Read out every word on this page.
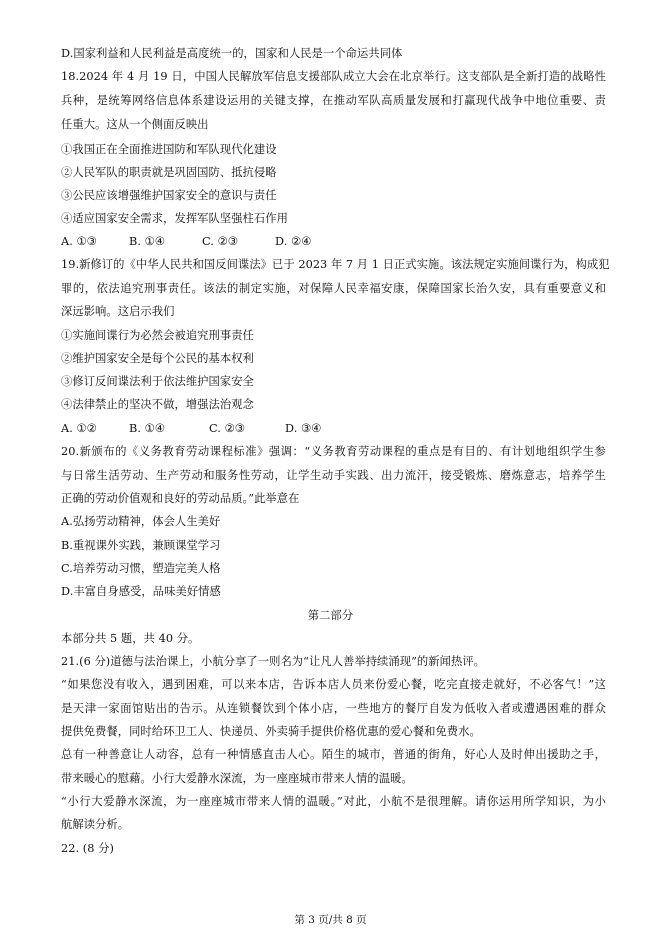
D.国家利益和人民利益是高度统一的，国家和人民是一个命运共同体
18.2024 年 4 月 19 日，中国人民解放军信息支援部队成立大会在北京举行。这支部队是全新打造的战略性
兵种，是统筹网络信息体系建设运用的关键支撑，在推动军队高质量发展和打赢现代战争中地位重要、责
任重大。这从一个侧面反映出
①我国正在全面推进国防和军队现代化建设
②人民军队的职责就是巩固国防、抵抗侵略
③公民应该增强维护国家安全的意识与责任
④适应国家安全需求，发挥军队坚强柱石作用
A. ①③	B. ①④	C. ②③	D. ②④
19.新修订的《中华人民共和国反间谍法》已于 2023 年 7 月 1 日正式实施。该法规定实施间谍行为，构成犯
罪的，依法追究刑事责任。该法的制定实施，对保障人民幸福安康，保障国家长治久安，具有重要意义和
深远影响。这启示我们
①实施间谍行为必然会被追究刑事责任
②维护国家安全是每个公民的基本权利
③修订反间谍法利于依法维护国家安全
④法律禁止的坚决不做，增强法治观念
A. ①②	B. ①④	C. ②③	D. ③④
20.新颁布的《义务教育劳动课程标准》强调：“义务教育劳动课程的重点是有目的、有计划地组织学生参
与日常生活劳动、生产劳动和服务性劳动，让学生动手实践、出力流汗，接受锻炼、磨炼意志，培养学生
正确的劳动价值观和良好的劳动品质。”此举意在
A.弘扬劳动精神，体会人生美好
B.重视课外实践，兼顾课堂学习
C.培养劳动习惯，塑造完美人格
D.丰富自身感受，品味美好情感
第二部分
本部分共 5 题，共 40 分。
21.(6 分)道德与法治课上，小航分享了一则名为“让凡人善举持续涌现”的新闻热评。
“如果您没有收入，遇到困难，可以来本店，告诉本店人员来份爱心餐，吃完直接走就好，不必客气！”这
是天津一家面馆贴出的告示。从连锁餐饮到个体小店，一些地方的餐厅自发为低收入者或遭遇困难的群众
提供免费餐，同时给环卫工人、快递员、外卖骑手提供价格优惠的爱心餐和免费水。
总有一种善意让人动容，总有一种情感直击人心。陌生的城市，普通的街角，好心人及时伸出援助之手，
带来暖心的慰藉。小行大爱静水深流，为一座座城市带来人情的温暖。
“小行大爱静水深流，为一座座城市带来人情的温暖。”对此，小航不是很理解。请你运用所学知识，为小
航解读分析。
22. (8 分)
第 3 页/共 8 页
